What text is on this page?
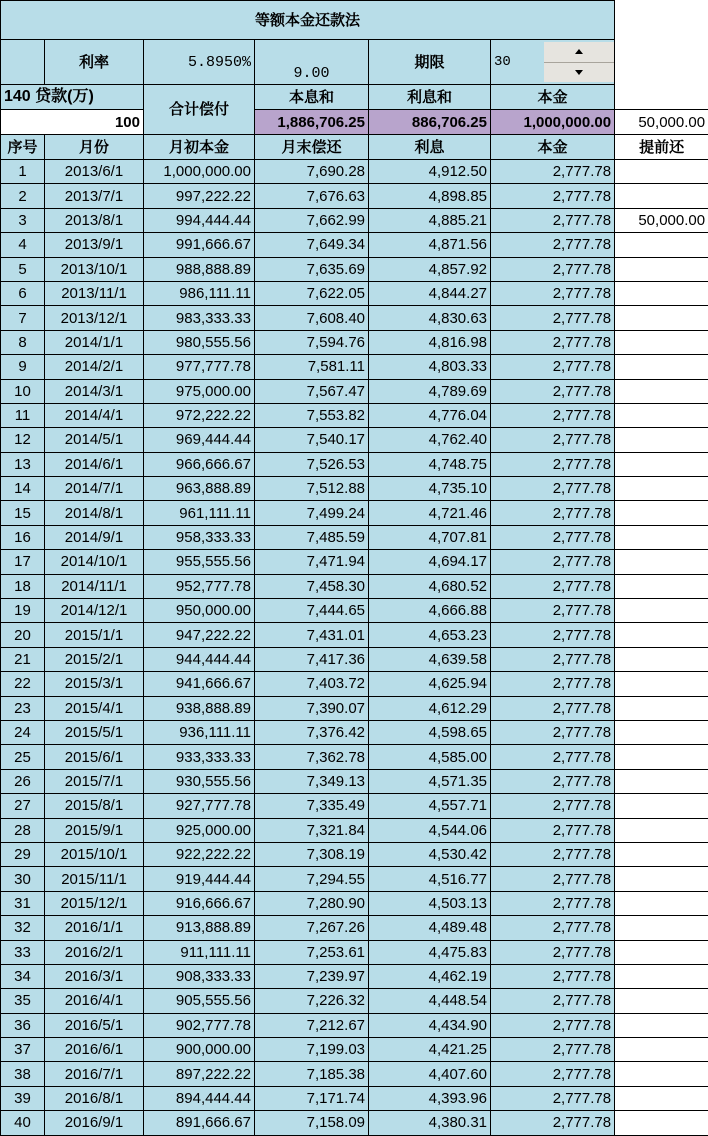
等额本金还款法						
	利率	5.8950%	9.00	期限	30	

140 贷款(万)		合计偿付	本息和	利息和	本金	
100			1,886,706.25	886,706.25	1,000,000.00	50,000.00
序号	月份	月初本金	月末偿还	利息	本金	提前还
1	2013/6/1	1,000,000.00	7,690.28	4,912.50	2,777.78	
2	2013/7/1	997,222.22	7,676.63	4,898.85	2,777.78	
3	2013/8/1	994,444.44	7,662.99	4,885.21	2,777.78	50,000.00
4	2013/9/1	991,666.67	7,649.34	4,871.56	2,777.78	
5	2013/10/1	988,888.89	7,635.69	4,857.92	2,777.78	
6	2013/11/1	986,111.11	7,622.05	4,844.27	2,777.78	
7	2013/12/1	983,333.33	7,608.40	4,830.63	2,777.78	
8	2014/1/1	980,555.56	7,594.76	4,816.98	2,777.78	
9	2014/2/1	977,777.78	7,581.11	4,803.33	2,777.78	
10	2014/3/1	975,000.00	7,567.47	4,789.69	2,777.78	
11	2014/4/1	972,222.22	7,553.82	4,776.04	2,777.78	
12	2014/5/1	969,444.44	7,540.17	4,762.40	2,777.78	
13	2014/6/1	966,666.67	7,526.53	4,748.75	2,777.78	
14	2014/7/1	963,888.89	7,512.88	4,735.10	2,777.78	
15	2014/8/1	961,111.11	7,499.24	4,721.46	2,777.78	
16	2014/9/1	958,333.33	7,485.59	4,707.81	2,777.78	
17	2014/10/1	955,555.56	7,471.94	4,694.17	2,777.78	
18	2014/11/1	952,777.78	7,458.30	4,680.52	2,777.78	
19	2014/12/1	950,000.00	7,444.65	4,666.88	2,777.78	
20	2015/1/1	947,222.22	7,431.01	4,653.23	2,777.78	
21	2015/2/1	944,444.44	7,417.36	4,639.58	2,777.78	
22	2015/3/1	941,666.67	7,403.72	4,625.94	2,777.78	
23	2015/4/1	938,888.89	7,390.07	4,612.29	2,777.78	
24	2015/5/1	936,111.11	7,376.42	4,598.65	2,777.78	
25	2015/6/1	933,333.33	7,362.78	4,585.00	2,777.78	
26	2015/7/1	930,555.56	7,349.13	4,571.35	2,777.78	
27	2015/8/1	927,777.78	7,335.49	4,557.71	2,777.78	
28	2015/9/1	925,000.00	7,321.84	4,544.06	2,777.78	
29	2015/10/1	922,222.22	7,308.19	4,530.42	2,777.78	
30	2015/11/1	919,444.44	7,294.55	4,516.77	2,777.78	
31	2015/12/1	916,666.67	7,280.90	4,503.13	2,777.78	
32	2016/1/1	913,888.89	7,267.26	4,489.48	2,777.78	
33	2016/2/1	911,111.11	7,253.61	4,475.83	2,777.78	
34	2016/3/1	908,333.33	7,239.97	4,462.19	2,777.78	
35	2016/4/1	905,555.56	7,226.32	4,448.54	2,777.78	
36	2016/5/1	902,777.78	7,212.67	4,434.90	2,777.78	
37	2016/6/1	900,000.00	7,199.03	4,421.25	2,777.78	
38	2016/7/1	897,222.22	7,185.38	4,407.60	2,777.78	
39	2016/8/1	894,444.44	7,171.74	4,393.96	2,777.78	
40	2016/9/1	891,666.67	7,158.09	4,380.31	2,777.78	
